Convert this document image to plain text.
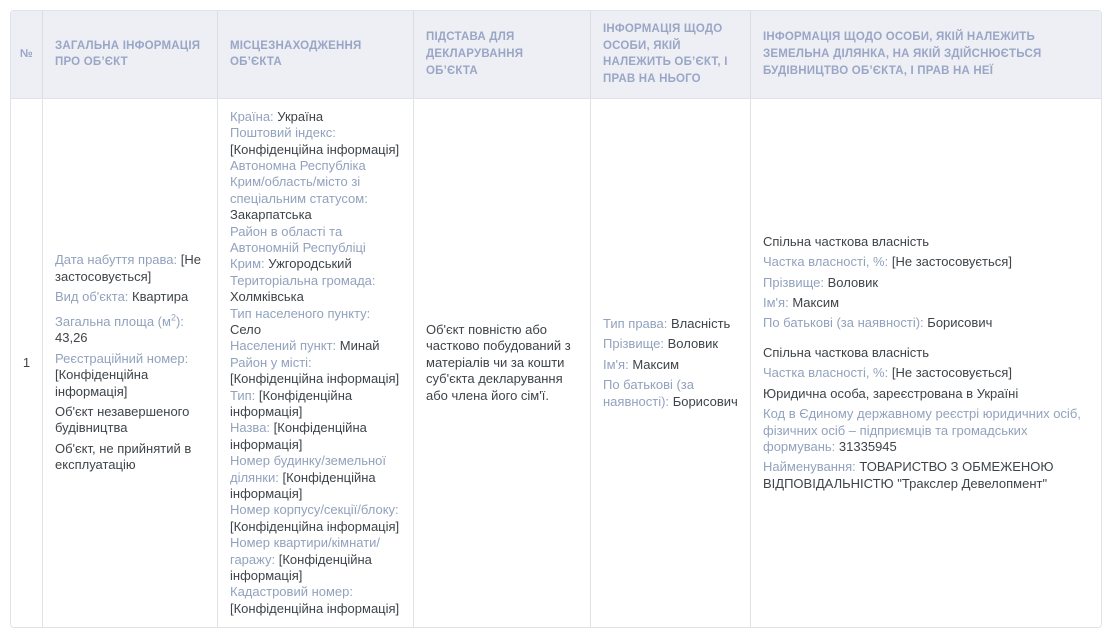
№
ЗАГАЛЬНА ІНФОРМАЦІЯ ПРО ОБ’ЄКТ
МІСЦЕЗНАХОДЖЕННЯ ОБ’ЄКТА
ПІДСТАВА ДЛЯ ДЕКЛАРУВАННЯ ОБ’ЄКТА
ІНФОРМАЦІЯ ЩОДО ОСОБИ, ЯКІЙ НАЛЕЖИТЬ ОБ’ЄКТ, І ПРАВ НА НЬОГО
ІНФОРМАЦІЯ ЩОДО ОСОБИ, ЯКІЙ НАЛЕЖИТЬ ЗЕМЕЛЬНА ДІЛЯНКА, НА ЯКІЙ ЗДІЙСНЮЄТЬСЯ БУДІВНИЦТВО ОБ’ЄКТА, І ПРАВ НА НЕЇ
1

Дата набуття права: [Не застосовується]

Вид об'єкта: Квартира

Загальна площа $(м^2)$: 43,26

Реєстраційний номер: [Конфіденційна інформація]

Об'єкт незавершеного будівництва

Об'єкт, не прийнятий в експлуатацію

Країна: Україна

Поштовий індекс: [Конфіденційна інформація]

Автономна Республіка Крим/область/місто зі спеціальним статусом: Закарпатська

Район в області та Автономній Республіці Крим: Ужгородський

Територіальна громада: Холмківська

Тип населеного пункту: Село

Населений пункт: Минай

Район у місті: [Конфіденційна інформація]

Тип: [Конфіденційна інформація]

Назва: [Конфіденційна інформація]

Номер будинку/земельної ділянки: [Конфіденційна інформація]

Номер корпусу/секції/блоку: [Конфіденційна інформація]

Номер квартири/кімнати/гаражу: [Конфіденційна інформація]

Кадастровий номер: [Конфіденційна інформація]

Об'єкт повністю або частково побудований з матеріалів чи за кошти суб'єкта декларування або члена його сім'ї.

Тип права: Власність

Прізвище: Воловик

Ім'я: Максим

По батькові (за наявності): Борисович

Спільна часткова власність

Частка власності, %: [Не застосовується]

Прізвище: Воловик

Ім'я: Максим

По батькові (за наявності): Борисович

Спільна часткова власність

Частка власності, %: [Не застосовується]

Юридична особа, зареєстрована в Україні

Код в Єдиному державному реєстрі юридичних осіб, фізичних осіб – підприємців та громадських формувань: 31335945

Найменування: ТОВАРИСТВО З ОБМЕЖЕНОЮ ВІДПОВІДАЛЬНІСТЮ "Тракслер Девелопмент"
